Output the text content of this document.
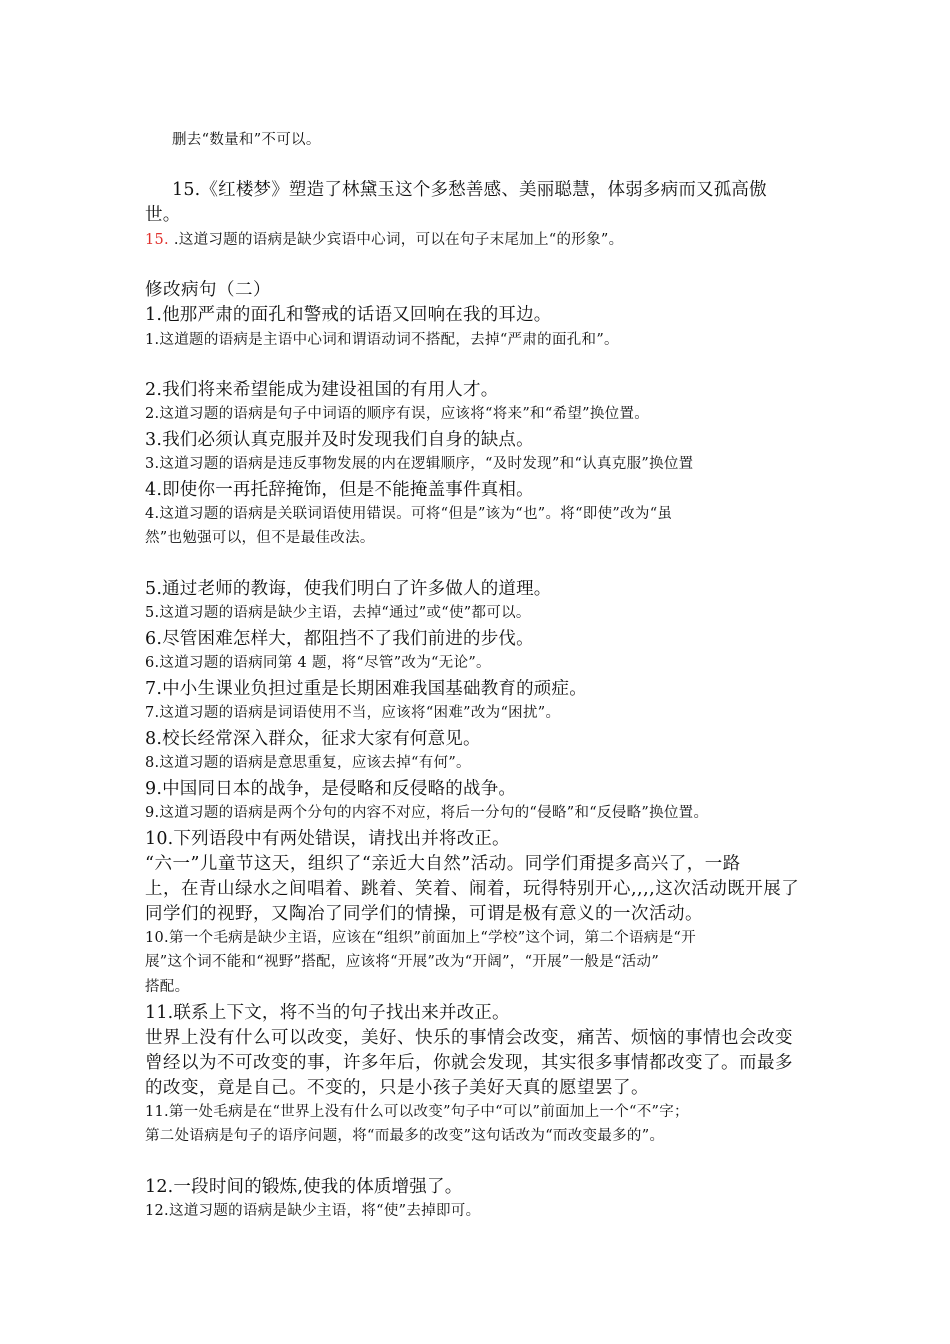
删去“数量和”不可以。
15.《红楼梦》塑造了林黛玉这个多愁善感、美丽聪慧，体弱多病而又孤高傲
世。
15. .这道习题的语病是缺少宾语中心词，可以在句子末尾加上“的形象”。
修改病句（二）
1.他那严肃的面孔和警戒的话语又回响在我的耳边。
1.这道题的语病是主语中心词和谓语动词不搭配，去掉“严肃的面孔和”。
2.我们将来希望能成为建设祖国的有用人才。
2.这道习题的语病是句子中词语的顺序有误，应该将“将来”和“希望”换位置。
3.我们必须认真克服并及时发现我们自身的缺点。
3.这道习题的语病是违反事物发展的内在逻辑顺序，“及时发现”和“认真克服”换位置
4.即使你一再托辞掩饰，但是不能掩盖事件真相。
4.这道习题的语病是关联词语使用错误。可将“但是”该为“也”。将“即使”改为“虽
然”也勉强可以，但不是最佳改法。
5.通过老师的教诲，使我们明白了许多做人的道理。
5.这道习题的语病是缺少主语，去掉“通过”或“使”都可以。
6.尽管困难怎样大，都阻挡不了我们前进的步伐。
6.这道习题的语病同第 4 题，将“尽管”改为“无论”。
7.中小生课业负担过重是长期困难我国基础教育的顽症。
7.这道习题的语病是词语使用不当，应该将“困难”改为“困扰”。
8.校长经常深入群众，征求大家有何意见。
8.这道习题的语病是意思重复，应该去掉“有何”。
9.中国同日本的战争，是侵略和反侵略的战争。
9.这道习题的语病是两个分句的内容不对应，将后一分句的“侵略”和“反侵略”换位置。
10.下列语段中有两处错误，请找出并将改正。
“六一”儿童节这天，组织了“亲近大自然”活动。同学们甭提多高兴了，一路
上，在青山绿水之间唱着、跳着、笑着、闹着，玩得特别开心,,,,这次活动既开展了
同学们的视野，又陶冶了同学们的情操，可谓是极有意义的一次活动。
10.第一个毛病是缺少主语，应该在“组织”前面加上“学校”这个词，第二个语病是“开
展”这个词不能和“视野”搭配，应该将“开展”改为“开阔”，“开展”一般是“活动”
搭配。
11.联系上下文，将不当的句子找出来并改正。
世界上没有什么可以改变，美好、快乐的事情会改变，痛苦、烦恼的事情也会改变
曾经以为不可改变的事，许多年后，你就会发现，其实很多事情都改变了。而最多
的改变，竟是自己。不变的，只是小孩子美好天真的愿望罢了。
11.第一处毛病是在“世界上没有什么可以改变”句子中“可以”前面加上一个“不”字；
第二处语病是句子的语序问题，将“而最多的改变”这句话改为“而改变最多的”。
12.一段时间的锻炼,使我的体质增强了。
12.这道习题的语病是缺少主语，将“使”去掉即可。
